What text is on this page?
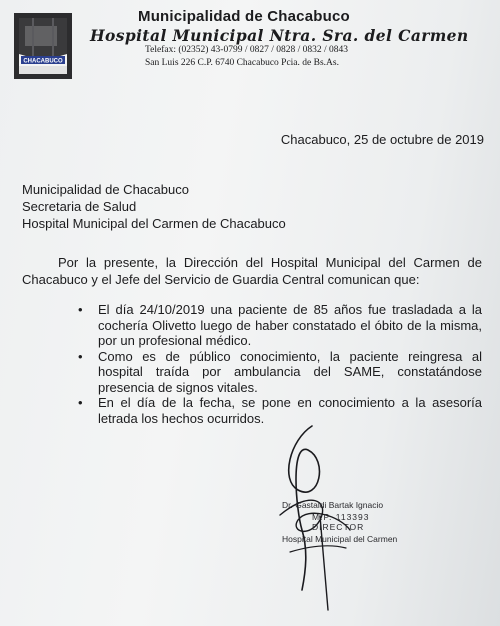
CHACABUCO
Municipalidad de Chacabuco
Hospital Municipal Ntra. Sra. del Carmen
Telefax: (02352) 43-0799 / 0827 / 0828 / 0832 / 0843
San Luis 226 C.P. 6740 Chacabuco Pcia. de Bs.As.
Chacabuco, 25 de octubre de 2019
Municipalidad de Chacabuco
Secretaria de Salud
Hospital Municipal del Carmen de Chacabuco
Por la presente, la Dirección del Hospital Municipal del Carmen de Chacabuco y el Jefe del Servicio de Guardia Central comunican que:
• El día 24/10/2019 una paciente de 85 años fue trasladada a la cochería Olivetto luego de haber constatado el óbito de la misma, por un profesional médico.
• Como es de público conocimiento, la paciente reingresa al hospital traída por ambulancia del SAME, constatándose presencia de signos vitales.
• En el día de la fecha, se pone en conocimiento a la asesoría letrada los hechos ocurridos.
Dr. Gastaldi Bartak Ignacio
M.P. 113393
DIRECTOR
Hospital Municipal del Carmen
